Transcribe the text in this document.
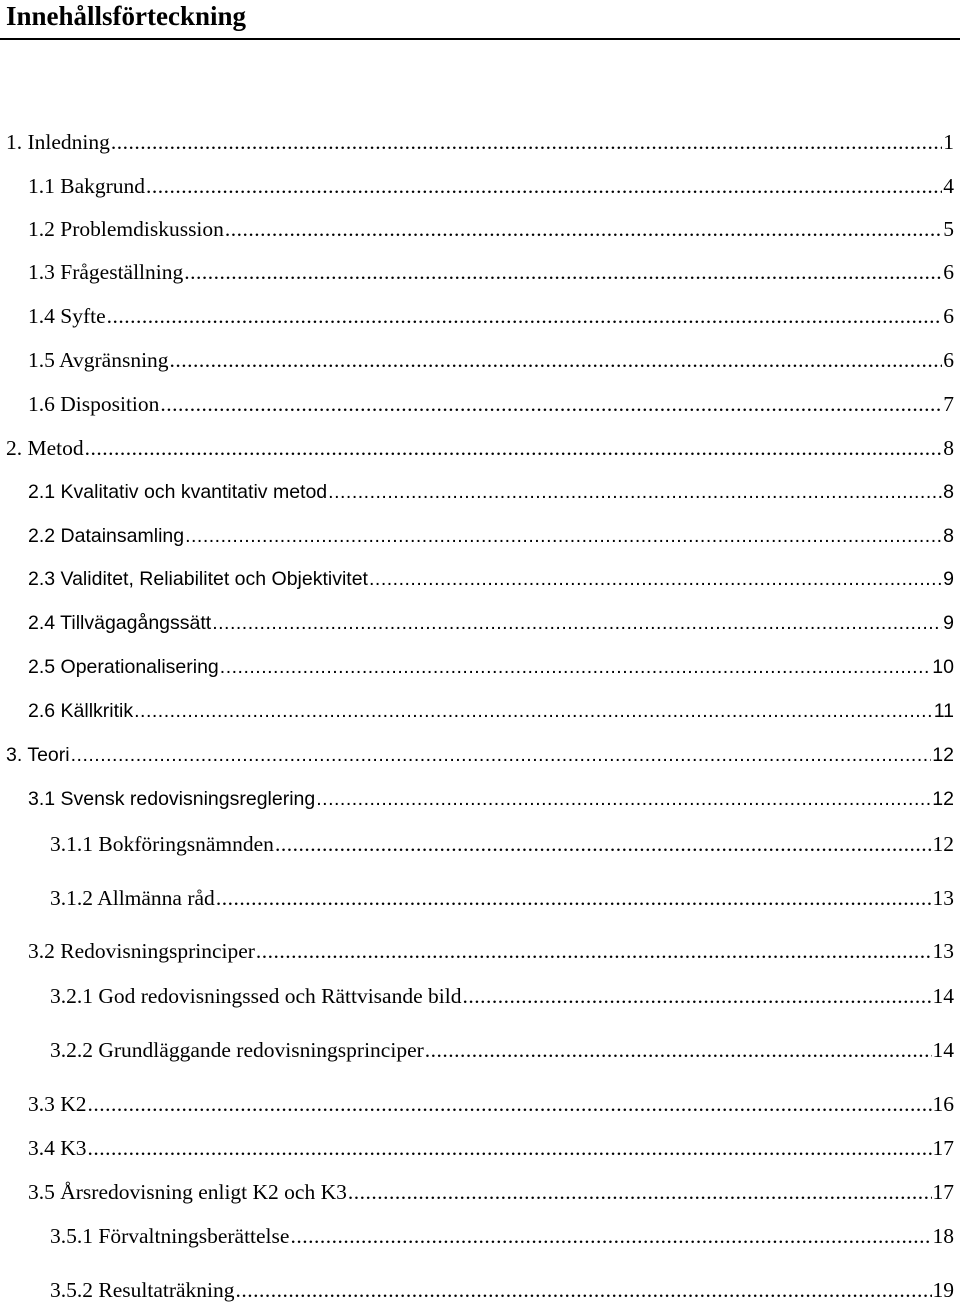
Innehållsförteckning
1. Inledning .....	1
1.1 Bakgrund .....	4
1.2 Problemdiskussion .....	5
1.3 Frågeställning .....	6
1.4 Syfte .....	6
1.5 Avgränsning .....	6
1.6 Disposition .....	7
2. Metod .....	8
2.1 Kvalitativ och kvantitativ metod .....	8
2.2 Datainsamling .....	8
2.3 Validitet, Reliabilitet och Objektivitet .....	9
2.4 Tillvägagångssätt .....	9
2.5 Operationalisering .....	10
2.6 Källkritik .....	11
3. Teori .....	12
3.1 Svensk redovisningsreglering .....	12
3.1.1 Bokföringsnämnden .....	12
3.1.2 Allmänna råd .....	13
3.2 Redovisningsprinciper .....	13
3.2.1 God redovisningssed och Rättvisande bild .....	14
3.2.2 Grundläggande redovisningsprinciper .....	14
3.3 K2 .....	16
3.4 K3 .....	17
3.5 Årsredovisning enligt K2 och K3 .....	17
3.5.1 Förvaltningsberättelse .....	18
3.5.2 Resultaträkning .....	19
